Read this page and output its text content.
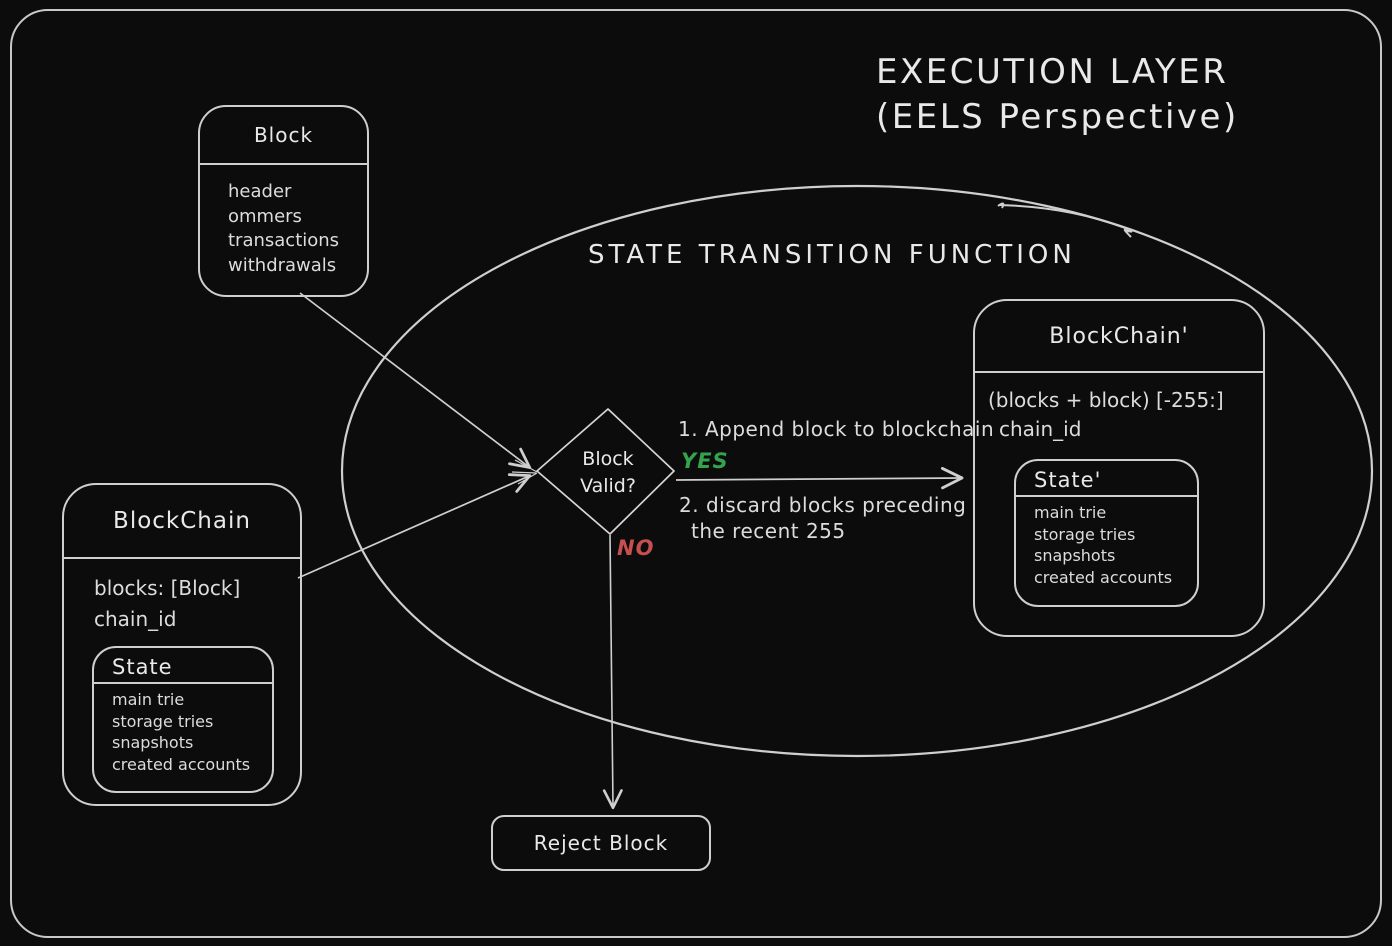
EXECUTION LAYER
(EELS Perspective)
STATE TRANSITION FUNCTION
Block
header
ommers
transactions
withdrawals
BlockChain
blocks: [Block]
chain_id
State
main trie
storage tries
snapshots
created accounts
Block
Valid?
1. Append block to blockchain
YES
2. discard blocks preceding
the recent 255
NO
BlockChain'
(blocks + block) [-255:]
chain_id
State'
main trie
storage tries
snapshots
created accounts
Reject Block
